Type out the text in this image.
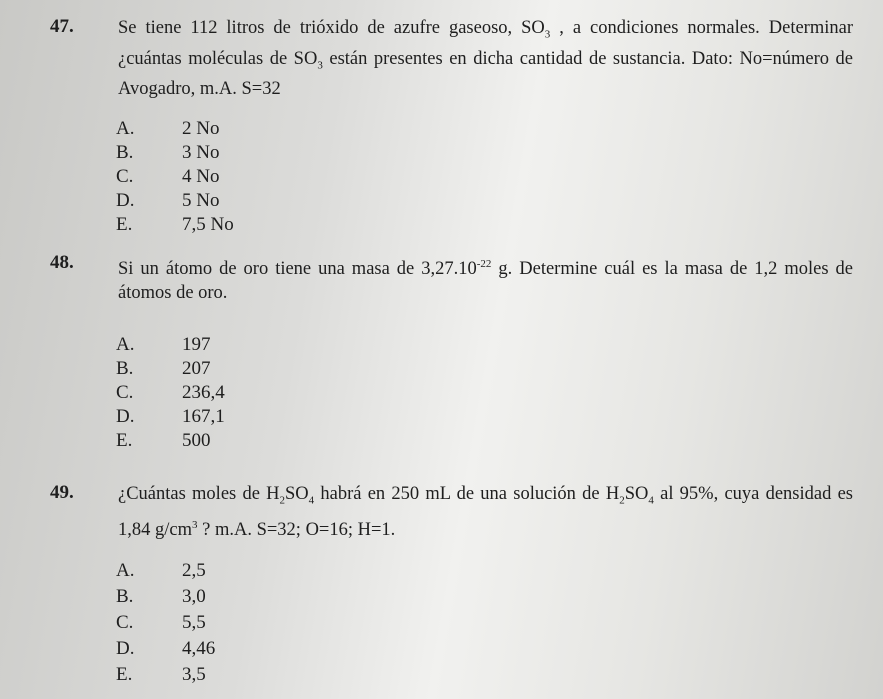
47. Se tiene 112 litros de trióxido de azufre gaseoso, $SO_3$ , a condiciones normales. Determinar ¿cuántas moléculas de $SO_3$ están presentes en dicha cantidad de sustancia. Dato: No=número de Avogadro, m.A. S=32
A.	2 No
B.	3 No
C.	4 No
D.	5 No
E.	7,5 No
48. Si un átomo de oro tiene una masa de $3,27.10^{-22}$ g. Determine cuál es la masa de 1,2 moles de átomos de oro.
A.	197
B.	207
C.	236,4
D.	167,1
E.	500
49. ¿Cuántas moles de $H_2SO_4$ habrá en 250 mL de una solución de $H_2SO_4$ al 95%, cuya densidad es 1,84 $g/cm^3$ ? m.A. S=32; O=16; H=1.
A.	2,5
B.	3,0
C.	5,5
D.	4,46
E.	3,5
